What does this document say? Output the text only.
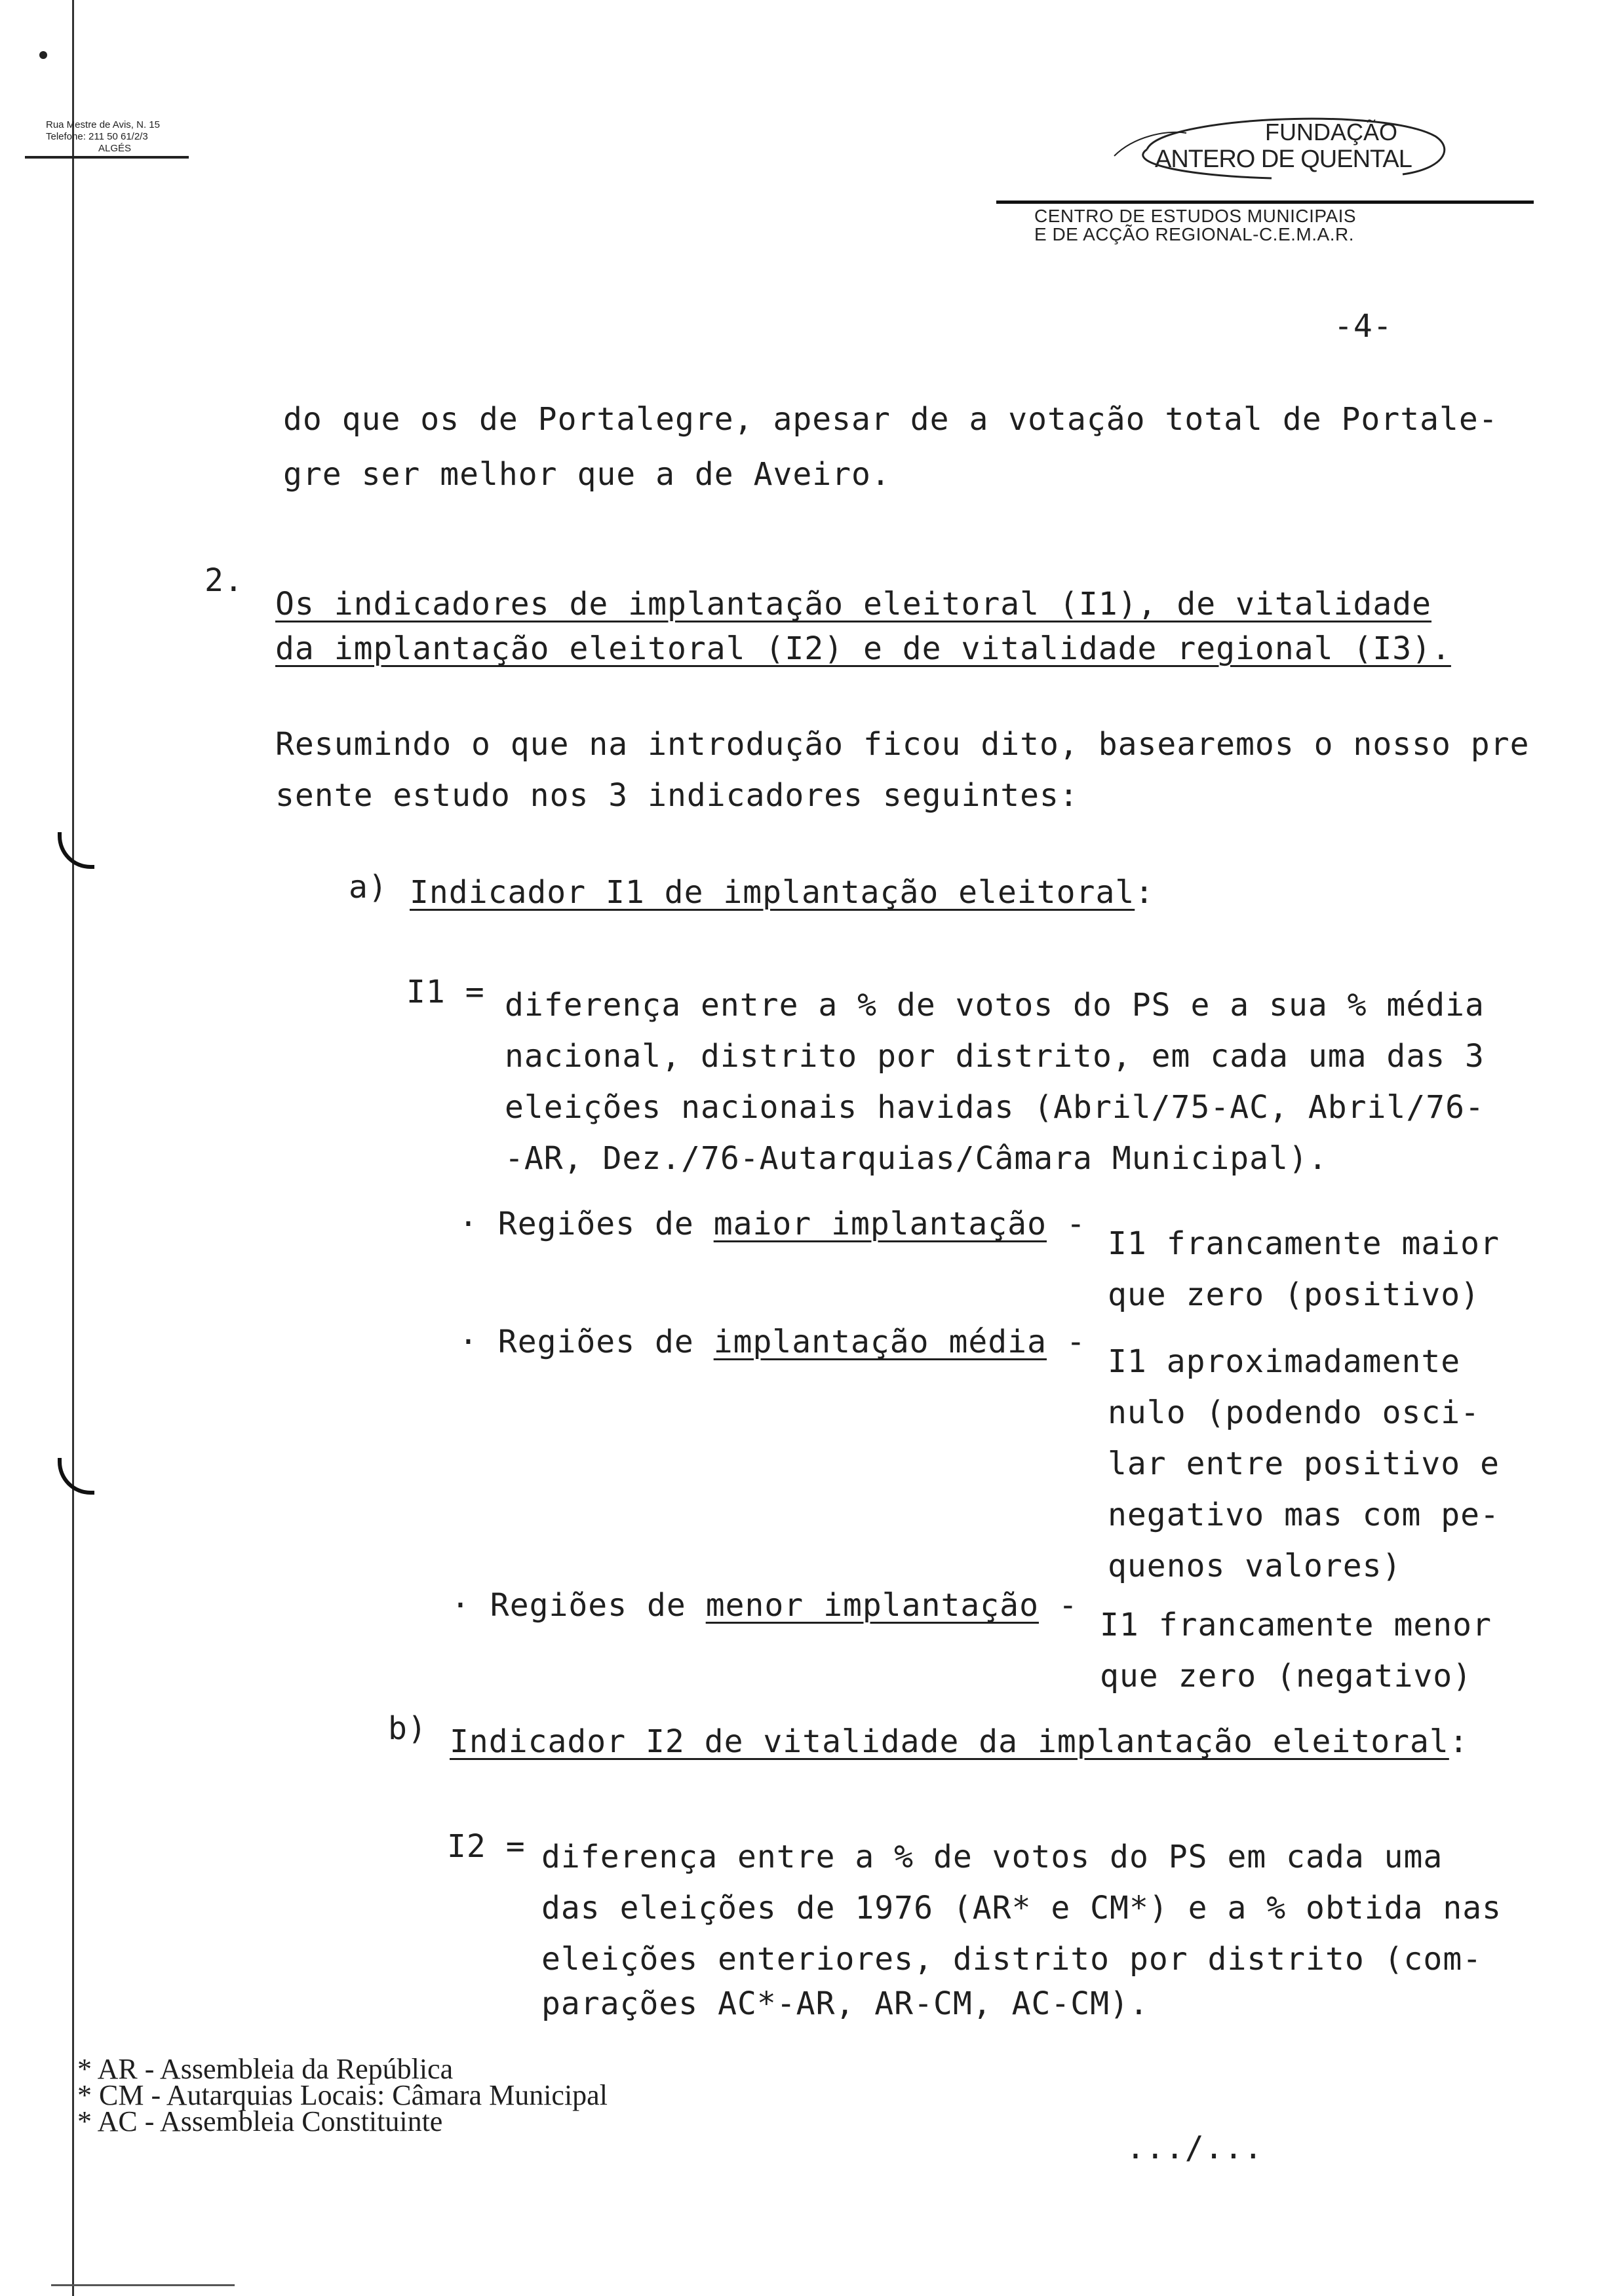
Rua Mestre de Avis, N. 15
Telefone: 211 50 61/2/3
ALGÉS
FUNDAÇÃO
ANTERO DE QUENTAL
CENTRO DE ESTUDOS MUNICIPAIS
E DE ACÇÃO REGIONAL-C.E.M.A.R.
-4-
do que os de Portalegre, apesar de a votação total de Portale-
gre ser melhor que a de Aveiro.
2.
Os indicadores de implantação eleitoral (I1), de vitalidade
da implantação eleitoral (I2) e de vitalidade regional (I3).
Resumindo o que na introdução ficou dito, basearemos o nosso pre
sente estudo nos 3 indicadores seguintes:
a) Indicador I1 de implantação eleitoral:
I1 = diferença entre a % de votos do PS e a sua % média
nacional, distrito por distrito, em cada uma das 3
eleições nacionais havidas (Abril/75-AC, Abril/76-
-AR, Dez./76-Autarquias/Câmara Municipal).
· Regiões de maior implantação -
I1 francamente maior
que zero (positivo)
· Regiões de implantação média -
I1 aproximadamente
nulo (podendo osci-
lar entre positivo e
negativo mas com pe-
quenos valores)
· Regiões de menor implantação -
I1 francamente menor
que zero (negativo)
b) Indicador I2 de vitalidade da implantação eleitoral:
I2 = diferença entre a % de votos do PS em cada uma
das eleições de 1976 (AR* e CM*) e a % obtida nas
eleições enteriores, distrito por distrito (com-
parações AC*-AR, AR-CM, AC-CM).
* AR - Assembleia da República
* CM - Autarquias Locais: Câmara Municipal
* AC - Assembleia Constituinte
.../...
